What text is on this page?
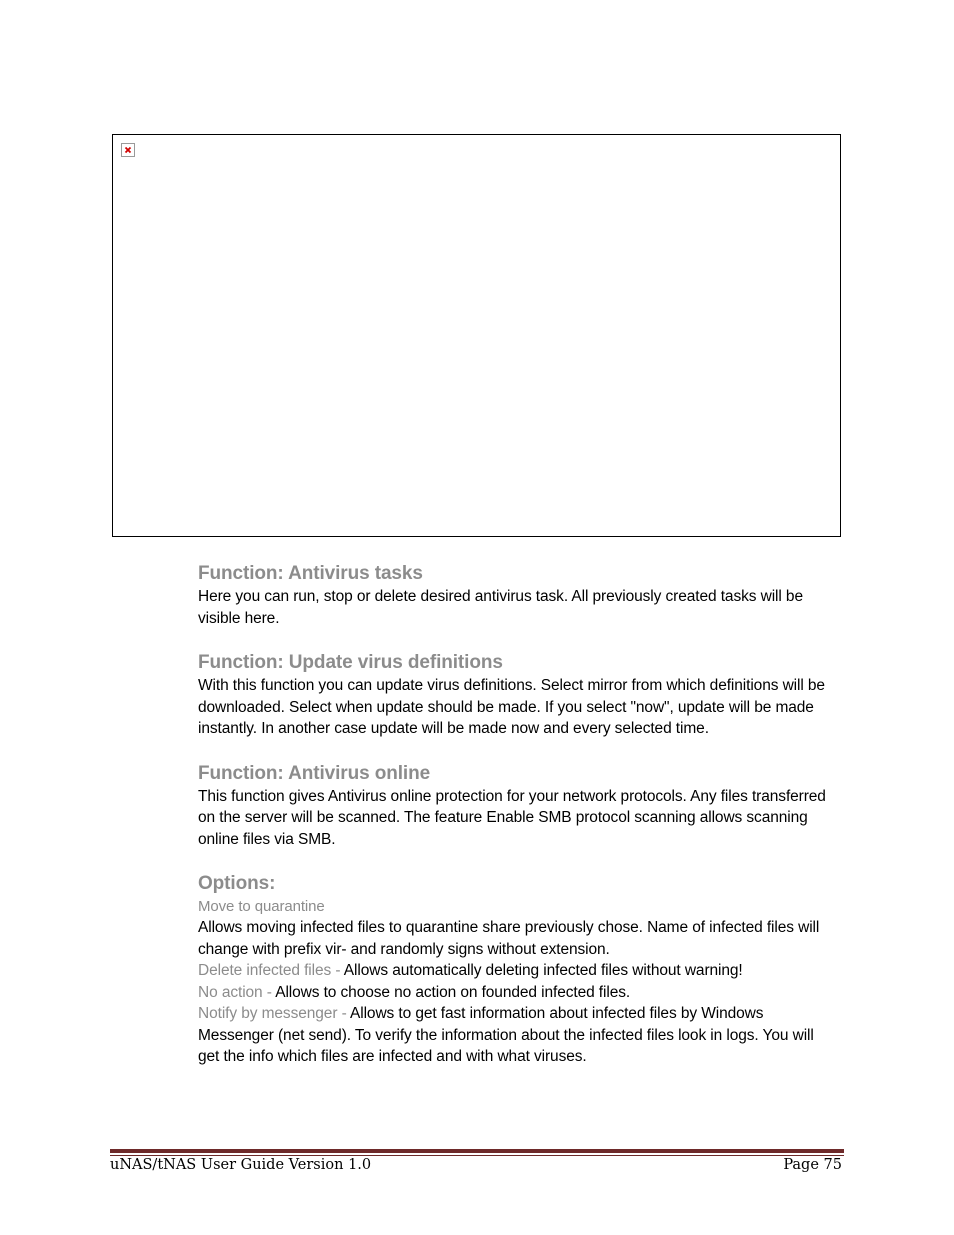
Function: Antivirus tasks

Here you can run, stop or delete desired antivirus task. All previously created tasks will be visible here.

Function: Update virus definitions

With this function you can update virus definitions. Select mirror from which definitions will be downloaded. Select when update should be made. If you select "now", update will be made instantly. In another case update will be made now and every selected time.

Function: Antivirus online

This function gives Antivirus online protection for your network protocols. Any files transferred on the server will be scanned. The feature Enable SMB protocol scanning allows scanning online files via SMB.

Options:
Move to quarantine

Allows moving infected files to quarantine share previously chose. Name of infected files will change with prefix vir- and randomly signs without extension.

Delete infected files - Allows automatically deleting infected files without warning!

No action - Allows to choose no action on founded infected files.

Notify by messenger - Allows to get fast information about infected files by Windows Messenger (net send). To verify the information about the infected files look in logs. You will get the info which files are infected and with what viruses.

uNAS/tNAS User Guide Version 1.0	Page 75
